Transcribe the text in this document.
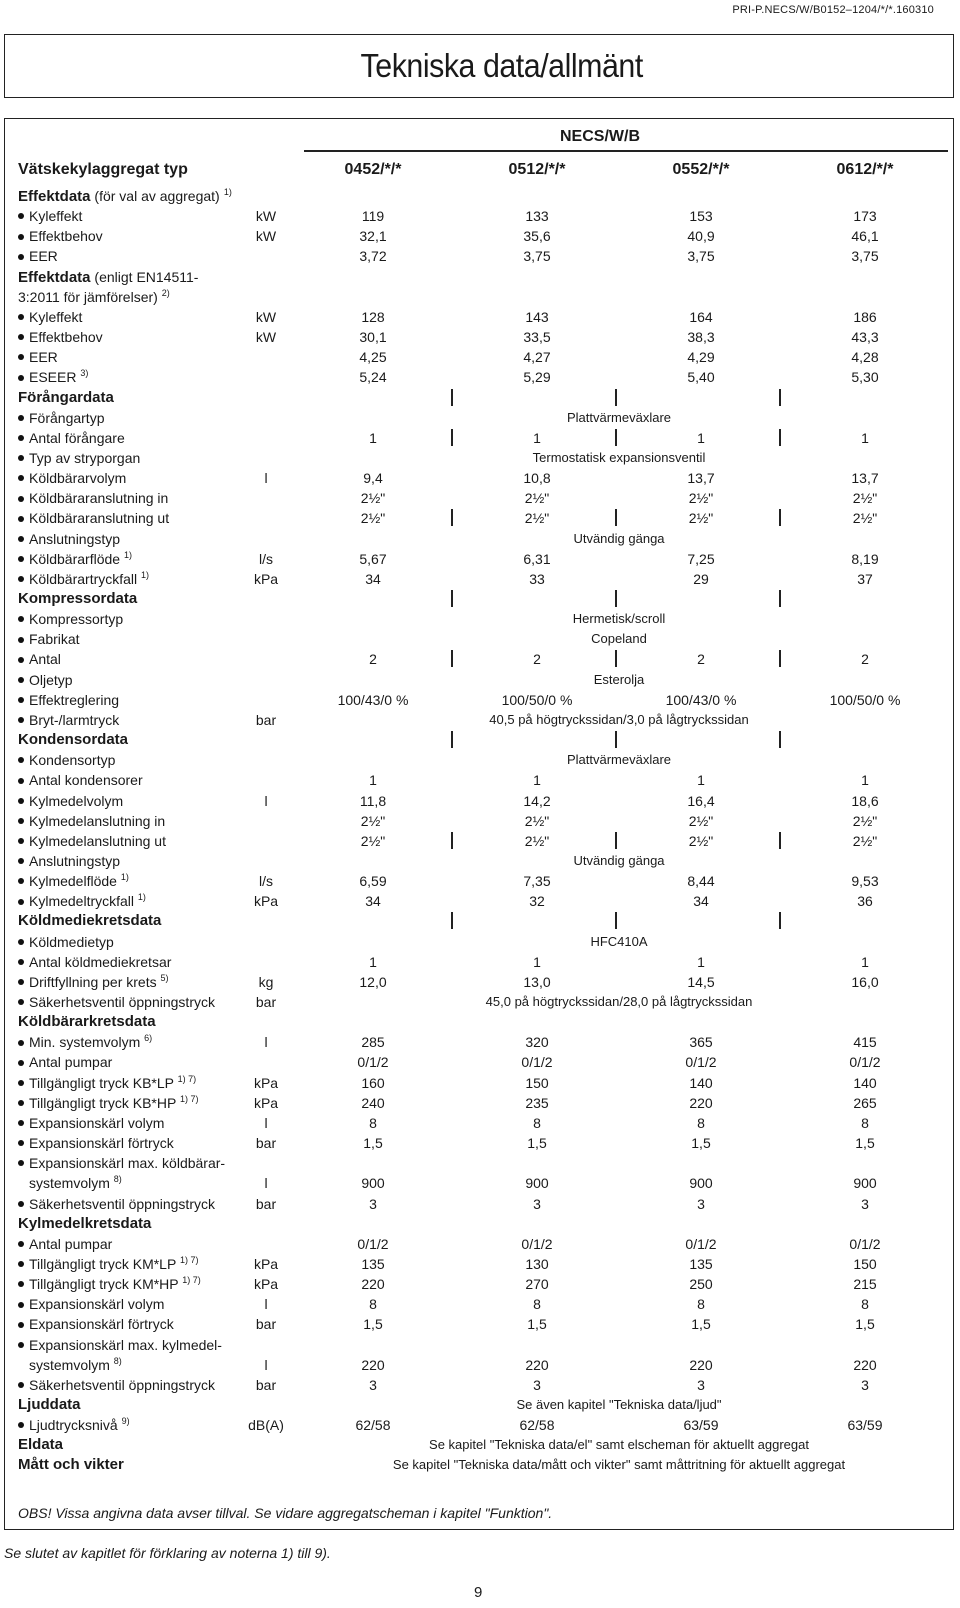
PRI-P.NECS/W/B0152–1204/*/*.160310
Tekniska data/allmänt
NECS/W/B
Vätskekylaggregat typ	0452/*/*	0512/*/*	0552/*/*	0612/*/*
Effektdata (för val av aggregat) $^{1)}$
Kyleffekt	kW	119	133	153	173
Effektbehov	kW	32,1	35,6	40,9	46,1
EER	3,72	3,75	3,75	3,75
Effektdata (enligt EN14511-
3:2011 för jämförelser) $^{2)}$
Kyleffekt	kW	128	143	164	186
Effektbehov	kW	30,1	33,5	38,3	43,3
EER	4,25	4,27	4,29	4,28
ESEER $^{3)}$	5,24	5,29	5,40	5,30
Förångardata
Förångartyp	Plattvärmeväxlare
Antal förångare	1	1	1	1
Typ av stryporgan	Termostatisk expansionsventil
Köldbärarvolym	l	9,4	10,8	13,7	13,7
Köldbäraranslutning in	2½"	2½"	2½"	2½"
Köldbäraranslutning ut	2½"	2½"	2½"	2½"
Anslutningstyp	Utvändig gänga
Köldbärarflöde $^{1)}$	l/s	5,67	6,31	7,25	8,19
Köldbärartryckfall $^{1)}$	kPa	34	33	29	37
Kompressordata
Kompressortyp	Hermetisk/scroll
Fabrikat	Copeland
Antal	2	2	2	2
Oljetyp	Esterolja
Effektreglering	100/43/0 %	100/50/0 %	100/43/0 %	100/50/0 %
Bryt-/larmtryck	bar	40,5 på högtryckssidan/3,0 på lågtryckssidan
Kondensordata
Kondensortyp	Plattvärmeväxlare
Antal kondensorer	1	1	1	1
Kylmedelvolym	l	11,8	14,2	16,4	18,6
Kylmedelanslutning in	2½"	2½"	2½"	2½"
Kylmedelanslutning ut	2½"	2½"	2½"	2½"
Anslutningstyp	Utvändig gänga
Kylmedelflöde $^{1)}$	l/s	6,59	7,35	8,44	9,53
Kylmedeltryckfall $^{1)}$	kPa	34	32	34	36
Köldmediekretsdata
Köldmedietyp	HFC410A
Antal köldmediekretsar	1	1	1	1
Driftfyllning per krets $^{5)}$	kg	12,0	13,0	14,5	16,0
Säkerhetsventil öppningstryck	bar	45,0 på högtryckssidan/28,0 på lågtryckssidan
Köldbärarkretsdata
Min. systemvolym $^{6)}$	l	285	320	365	415
Antal pumpar	0/1/2	0/1/2	0/1/2	0/1/2
Tillgängligt tryck KB*LP $^{1) 7)}$	kPa	160	150	140	140
Tillgängligt tryck KB*HP $^{1) 7)}$	kPa	240	235	220	265
Expansionskärl volym	l	8	8	8	8
Expansionskärl förtryck	bar	1,5	1,5	1,5	1,5
Expansionskärl max. köldbärar-
systemvolym $^{8)}$	l	900	900	900	900
Säkerhetsventil öppningstryck	bar	3	3	3	3
Kylmedelkretsdata
Antal pumpar	0/1/2	0/1/2	0/1/2	0/1/2
Tillgängligt tryck KM*LP $^{1) 7)}$	kPa	135	130	135	150
Tillgängligt tryck KM*HP $^{1) 7)}$	kPa	220	270	250	215
Expansionskärl volym	l	8	8	8	8
Expansionskärl förtryck	bar	1,5	1,5	1,5	1,5
Expansionskärl max. kylmedel-
systemvolym $^{8)}$	l	220	220	220	220
Säkerhetsventil öppningstryck	bar	3	3	3	3
Ljuddata	Se även kapitel "Tekniska data/ljud"
Ljudtrycksnivå $^{9)}$	dB(A)	62/58	62/58	63/59	63/59
Eldata	Se kapitel "Tekniska data/el" samt elscheman för aktuellt aggregat
Mått och vikter	Se kapitel "Tekniska data/mått och vikter" samt måttritning för aktuellt aggregat
OBS! Vissa angivna data avser tillval. Se vidare aggregatscheman i kapitel "Funktion".
Se slutet av kapitlet för förklaring av noterna 1) till 9).
9
